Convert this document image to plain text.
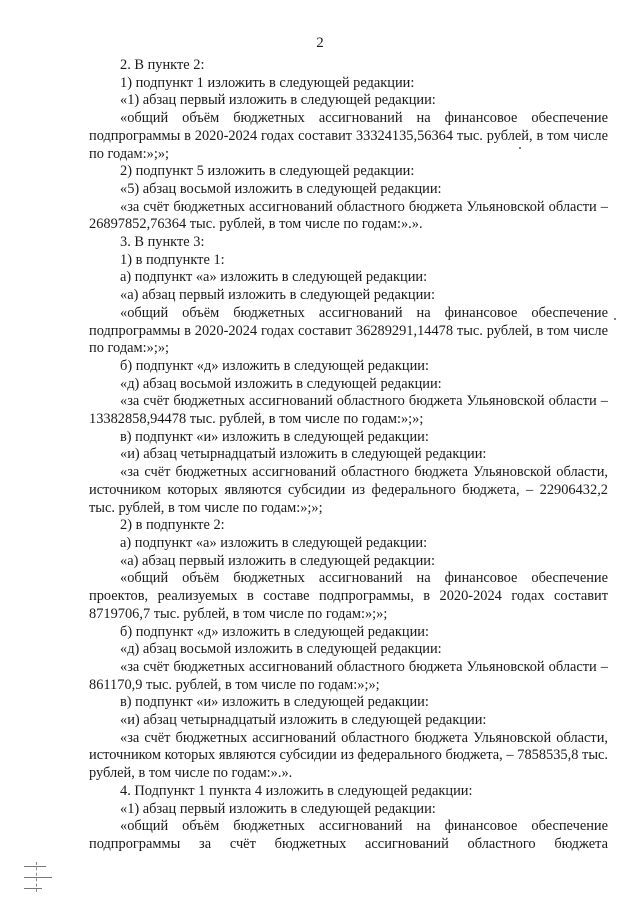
2

2. В пункте 2:

1) подпункт 1 изложить в следующей редакции:

«1) абзац первый изложить в следующей редакции:

«общий объём бюджетных ассигнований на финансовое обеспечение подпрограммы в 2020-2024 годах составит 33324135,56364 тыс. рублей, в том числе по годам:»;»;

2) подпункт 5 изложить в следующей редакции:

«5) абзац восьмой изложить в следующей редакции:

«за счёт бюджетных ассигнований областного бюджета Ульяновской области – 26897852,76364 тыс. рублей, в том числе по годам:».».

3. В пункте 3:

1) в подпункте 1:

а) подпункт «а» изложить в следующей редакции:

«а) абзац первый изложить в следующей редакции:

«общий объём бюджетных ассигнований на финансовое обеспечение подпрограммы в 2020-2024 годах составит 36289291,14478 тыс. рублей, в том числе по годам:»;»;

б) подпункт «д» изложить в следующей редакции:

«д) абзац восьмой изложить в следующей редакции:

«за счёт бюджетных ассигнований областного бюджета Ульяновской области – 13382858,94478 тыс. рублей, в том числе по годам:»;»;

в) подпункт «и» изложить в следующей редакции:

«и) абзац четырнадцатый изложить в следующей редакции:

«за счёт бюджетных ассигнований областного бюджета Ульяновской области, источником которых являются субсидии из федерального бюджета, – 22906432,2 тыс. рублей, в том числе по годам:»;»;

2) в подпункте 2:

а) подпункт «а» изложить в следующей редакции:

«а) абзац первый изложить в следующей редакции:

«общий объём бюджетных ассигнований на финансовое обеспечение проектов, реализуемых в составе подпрограммы, в 2020-2024 годах составит 8719706,7 тыс. рублей, в том числе по годам:»;»;

б) подпункт «д» изложить в следующей редакции:

«д) абзац восьмой изложить в следующей редакции:

«за счёт бюджетных ассигнований областного бюджета Ульяновской области – 861170,9 тыс. рублей, в том числе по годам:»;»;

в) подпункт «и» изложить в следующей редакции:

«и) абзац четырнадцатый изложить в следующей редакции:

«за счёт бюджетных ассигнований областного бюджета Ульяновской области, источником которых являются субсидии из федерального бюджета, – 7858535,8 тыс. рублей, в том числе по годам:».».

4. Подпункт 1 пункта 4 изложить в следующей редакции:

«1) абзац первый изложить в следующей редакции:

«общий объём бюджетных ассигнований на финансовое обеспечение подпрограммы за счёт бюджетных ассигнований областного бюджета
